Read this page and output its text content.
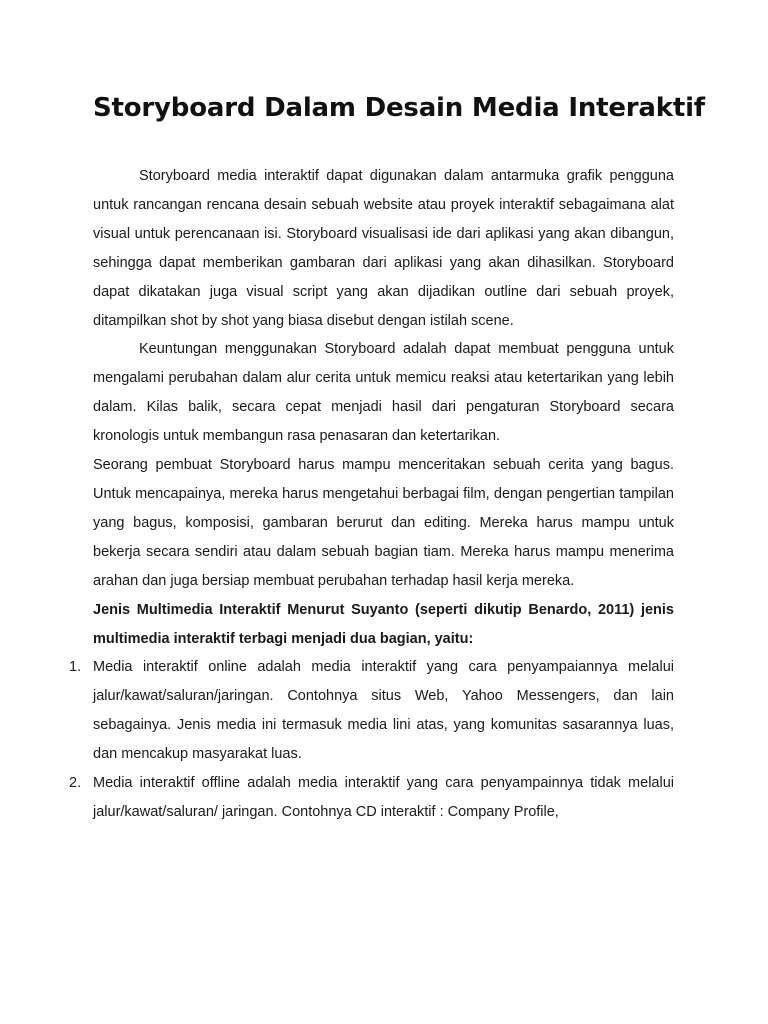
Storyboard Dalam Desain Media Interaktif

Storyboard media interaktif dapat digunakan dalam antarmuka grafik pengguna untuk rancangan rencana desain sebuah website atau proyek interaktif sebagaimana alat visual untuk perencanaan isi. Storyboard visualisasi ide dari aplikasi yang akan dibangun, sehingga dapat memberikan gambaran dari aplikasi yang akan dihasilkan. Storyboard dapat dikatakan juga visual script yang akan dijadikan outline dari sebuah proyek, ditampilkan shot by shot yang biasa disebut dengan istilah scene.

Keuntungan menggunakan Storyboard adalah dapat membuat pengguna untuk mengalami perubahan dalam alur cerita untuk memicu reaksi atau ketertarikan yang lebih dalam. Kilas balik, secara cepat menjadi hasil dari pengaturan Storyboard secara kronologis untuk membangun rasa penasaran dan ketertarikan.

Seorang pembuat Storyboard harus mampu menceritakan sebuah cerita yang bagus. Untuk mencapainya, mereka harus mengetahui berbagai film, dengan pengertian tampilan yang bagus, komposisi, gambaran berurut dan editing. Mereka harus mampu untuk bekerja secara sendiri atau dalam sebuah bagian tiam. Mereka harus mampu menerima arahan dan juga bersiap membuat perubahan terhadap hasil kerja mereka.

Jenis Multimedia Interaktif Menurut Suyanto (seperti dikutip Benardo, 2011) jenis multimedia interaktif terbagi menjadi dua bagian, yaitu:

1. Media interaktif online adalah media interaktif yang cara penyampaiannya melalui jalur/kawat/saluran/jaringan. Contohnya situs Web, Yahoo Messengers, dan lain sebagainya. Jenis media ini termasuk media lini atas, yang komunitas sasarannya luas, dan mencakup masyarakat luas.
2. Media interaktif offline adalah media interaktif yang cara penyampainnya tidak melalui jalur/kawat/saluran/ jaringan. Contohnya CD interaktif : Company Profile,
